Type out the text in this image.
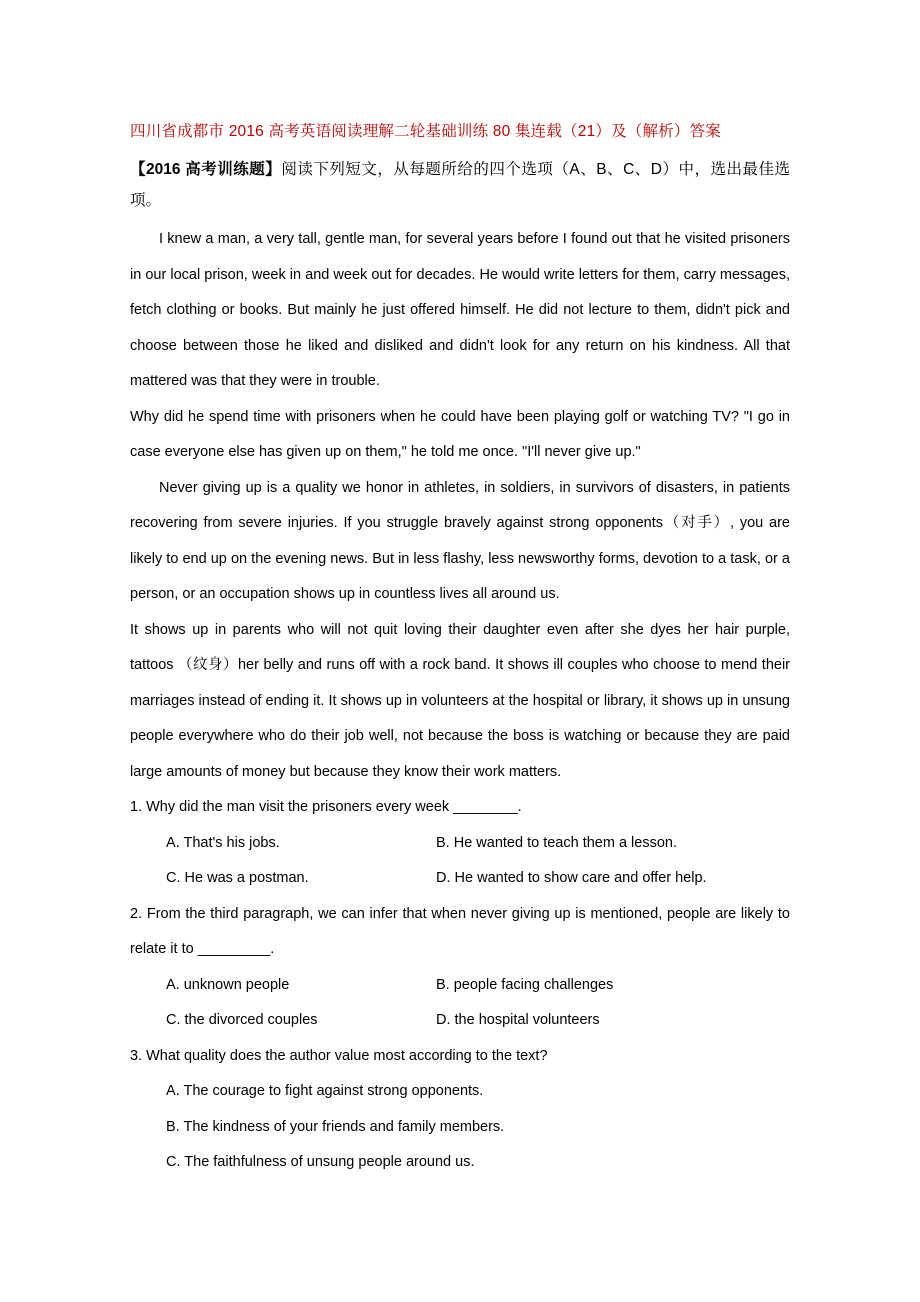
四川省成都市 2016 高考英语阅读理解二轮基础训练 80 集连载（21）及（解析）答案
【2016 高考训练题】阅读下列短文，从每题所给的四个选项（A、B、C、D）中，选出最佳选项。

I knew a man, a very tall, gentle man, for several years before I found out that he visited prisoners in our local prison, week in and week out for decades. He would write letters for them, carry messages, fetch clothing or books. But mainly he just offered himself. He did not lecture to them, didn't pick and choose between those he liked and disliked and didn't look for any return on his kindness. All that mattered was that they were in trouble.

Why did he spend time with prisoners when he could have been playing golf or watching TV? "I go in case everyone else has given up on them," he told me once. "I'll never give up."

Never giving up is a quality we honor in athletes, in soldiers, in survivors of disasters, in patients recovering from severe injuries. If you struggle bravely against strong opponents（对手）, you are likely to end up on the evening news. But in less flashy, less newsworthy forms, devotion to a task, or a person, or an occupation shows up in countless lives all around us.

It shows up in parents who will not quit loving their daughter even after she dyes her hair purple, tattoos （纹身）her belly and runs off with a rock band. It shows ill couples who choose to mend their marriages instead of ending it. It shows up in volunteers at the hospital or library, it shows up in unsung people everywhere who do their job well, not because the boss is watching or because they are paid large amounts of money but because they know their work matters.

1. Why did the man visit the prisoners every week ________.
A. That's his jobs.	B. He wanted to teach them a lesson.
C. He was a postman.	D. He wanted to show care and offer help.
2. From the third paragraph, we can infer that when never giving up is mentioned, people are likely to relate it to _________.
A. unknown people	B. people facing challenges
C. the divorced couples	D. the hospital volunteers
3. What quality does the author value most according to the text?
A. The courage to fight against strong opponents.
B. The kindness of your friends and family members.
C. The faithfulness of unsung people around us.
